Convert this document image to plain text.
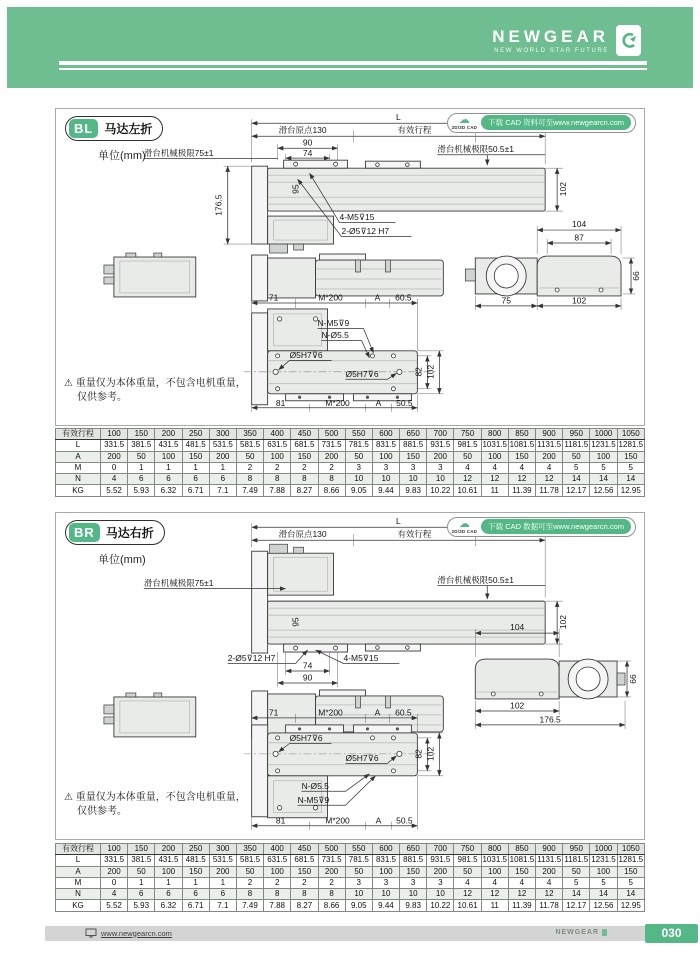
NEWGEAR
NEW WORLD STAR FUTURE
BL 马达左折
单位(mm)
☁
2D/3D CAD
下载 CAD 资料可至www.newgearcn.com
L
滑台原点130	有效行程
90
74
滑台机械极限75±1	滑台机械极限50.5±1
95	102
176.5
4-M5⊽15
2-Ø5⊽12 H7
104
87
66
75	102
71	M*200	A 60.5
N-M5⊽9
N-Ø5.5
Ø5H7⊽6
Ø5H7⊽6	82 102
81	M*200	A 50.5
⚠ 重量仅为本体重量，不包含电机重量，
仅供参考。
有效行程	100	150	200	250	300	350	400	450	500	550	600	650	700	750	800	850	900	950	1000	1050
L	331.5	381.5	431.5	481.5	531.5	581.5	631.5	681.5	731.5	781.5	831.5	881.5	931.5	981.5	1031.5	1081.5	1131.5	1181.5	1231.5	1281.5
A	200	50	100	150	200	50	100	150	200	50	100	150	200	50	100	150	200	50	100	150
M	0	1	1	1	1	2	2	2	2	3	3	3	3	4	4	4	4	5	5	5
N	4	6	6	6	6	8	8	8	8	10	10	10	10	12	12	12	12	14	14	14
KG	5.52	5.93	6.32	6.71	7.1	7.49	7.88	8.27	8.66	9.05	9.44	9.83	10.22	10.61	11	11.39	11.78	12.17	12.56	12.95
BR 马达右折
单位(mm)
☁
2D/3D CAD
下载 CAD 数据可至www.newgearcn.com
L
滑台原点130	有效行程
滑台机械极限75±1	滑台机械极限50.5±1
95	102
2-Ø5⊽12 H7
74
90
4-M5⊽15
104
66
102
176.5
71	M*200	A 60.5
Ø5H7⊽6
Ø5H7⊽6	82 102
N-Ø5.5
N-M5⊽9
81	M*200	A 50.5
⚠ 重量仅为本体重量，不包含电机重量，
仅供参考。
有效行程	100	150	200	250	300	350	400	450	500	550	600	650	700	750	800	850	900	950	1000	1050
L	331.5	381.5	431.5	481.5	531.5	581.5	631.5	681.5	731.5	781.5	831.5	881.5	931.5	981.5	1031.5	1081.5	1131.5	1181.5	1231.5	1281.5
A	200	50	100	150	200	50	100	150	200	50	100	150	200	50	100	150	200	50	100	150
M	0	1	1	1	1	2	2	2	2	3	3	3	3	4	4	4	4	5	5	5
N	4	6	6	6	6	8	8	8	8	10	10	10	10	12	12	12	12	14	14	14
KG	5.52	5.93	6.32	6.71	7.1	7.49	7.88	8.27	8.66	9.05	9.44	9.83	10.22	10.61	11	11.39	11.78	12.17	12.56	12.95
www.newgearcn.com	NEWGEAR	030
